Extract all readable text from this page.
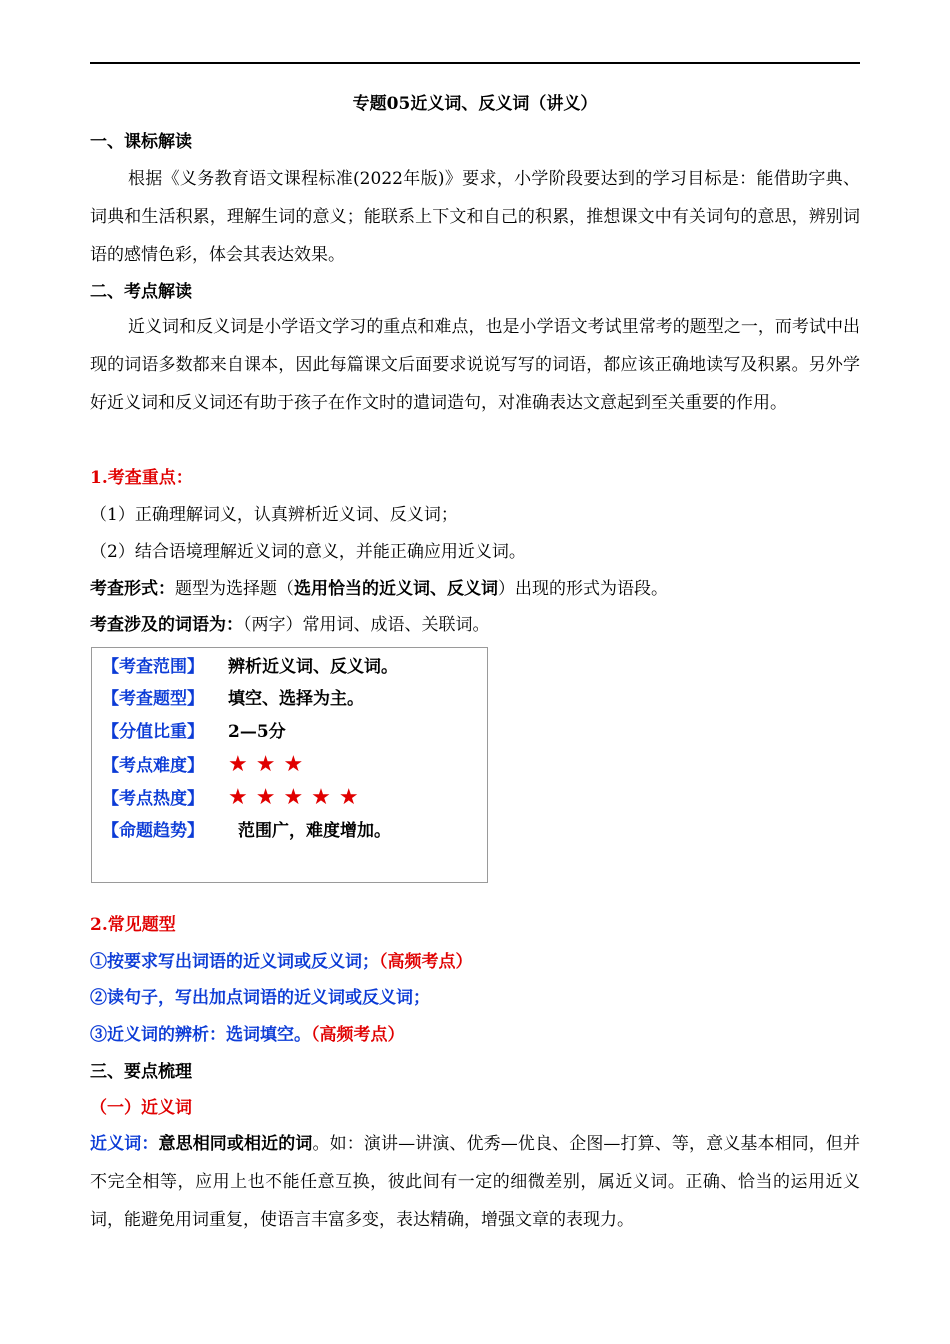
专题05近义词、反义词（讲义）
一、课标解读
根据《义务教育语文课程标准(2022年版)》要求，小学阶段要达到的学习目标是：能借助字典、词典和生活积累，理解生词的意义；能联系上下文和自己的积累，推想课文中有关词句的意思，辨别词语的感情色彩，体会其表达效果。
二、考点解读
近义词和反义词是小学语文学习的重点和难点，也是小学语文考试里常考的题型之一，而考试中出现的词语多数都来自课本，因此每篇课文后面要求说说写写的词语，都应该正确地读写及积累。另外学好近义词和反义词还有助于孩子在作文时的遣词造句，对准确表达文意起到至关重要的作用。
1.考查重点：
（1）正确理解词义，认真辨析近义词、反义词；
（2）结合语境理解近义词的意义，并能正确应用近义词。
考查形式：题型为选择题（选用恰当的近义词、反义词）出现的形式为语段。
考查涉及的词语为：（两字）常用词、成语、关联词。
【考查范围】 辨析近义词、反义词。
【考查题型】 填空、选择为主。
【分值比重】 2—5分
【考点难度】 ★★★
【考点热度】 ★★★★★
【命题趋势】 范围广，难度增加。
2.常见题型
①按要求写出词语的近义词或反义词；（高频考点）
②读句子，写出加点词语的近义词或反义词；
③近义词的辨析：选词填空。（高频考点）
三、要点梳理
（一）近义词
近义词：意思相同或相近的词。如：演讲—讲演、优秀—优良、企图—打算、等，意义基本相同，但并不完全相等，应用上也不能任意互换，彼此间有一定的细微差别，属近义词。正确、恰当的运用近义词，能避免用词重复，使语言丰富多变，表达精确，增强文章的表现力。
